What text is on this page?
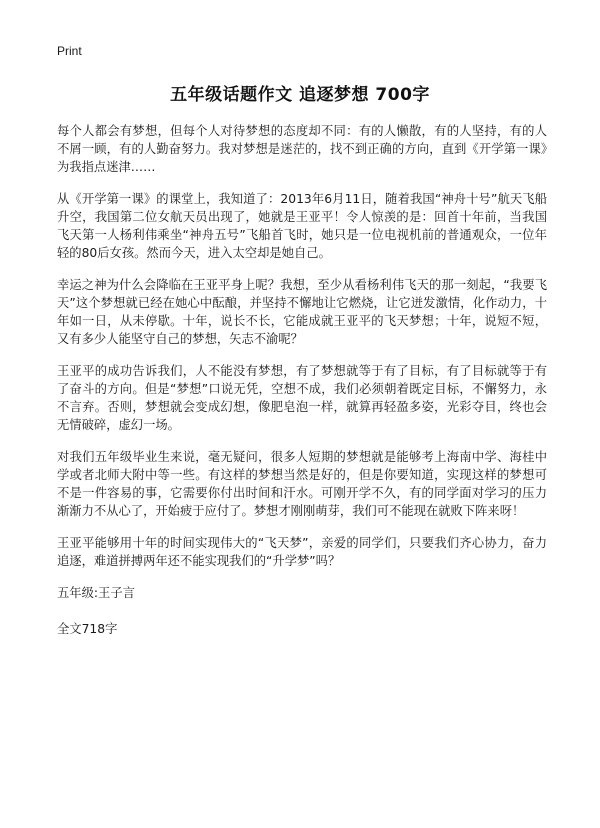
Print
五年级话题作文 追逐梦想 700字

每个人都会有梦想，但每个人对待梦想的态度却不同：有的人懒散，有的人坚持，有的人不屑一顾，有的人勤奋努力。我对梦想是迷茫的，找不到正确的方向，直到《开学第一课》为我指点迷津……

从《开学第一课》的课堂上，我知道了：2013年6月11日，随着我国“神舟十号”航天飞船升空，我国第二位女航天员出现了，她就是王亚平！令人惊羡的是：回首十年前，当我国飞天第一人杨利伟乘坐“神舟五号”飞船首飞时，她只是一位电视机前的普通观众，一位年轻的80后女孩。然而今天，进入太空却是她自己。

幸运之神为什么会降临在王亚平身上呢？我想，至少从看杨利伟飞天的那一刻起，“我要飞天”这个梦想就已经在她心中酝酿，并坚持不懈地让它燃烧，让它迸发激情，化作动力，十年如一日，从未停歇。十年，说长不长，它能成就王亚平的飞天梦想；十年，说短不短，又有多少人能坚守自己的梦想，矢志不渝呢？

王亚平的成功告诉我们，人不能没有梦想，有了梦想就等于有了目标，有了目标就等于有了奋斗的方向。但是“梦想”口说无凭，空想不成，我们必须朝着既定目标，不懈努力，永不言弃。否则，梦想就会变成幻想，像肥皂泡一样，就算再轻盈多姿，光彩夺目，终也会无情破碎，虚幻一场。

对我们五年级毕业生来说，毫无疑问，很多人短期的梦想就是能够考上海南中学、海桂中学或者北师大附中等一些。有这样的梦想当然是好的，但是你要知道，实现这样的梦想可不是一件容易的事，它需要你付出时间和汗水。可刚开学不久，有的同学面对学习的压力渐渐力不从心了，开始疲于应付了。梦想才刚刚萌芽，我们可不能现在就败下阵来呀！

王亚平能够用十年的时间实现伟大的“飞天梦”，亲爱的同学们，只要我们齐心协力，奋力追逐，难道拼搏两年还不能实现我们的“升学梦”吗？

五年级:王子言

全文718字
